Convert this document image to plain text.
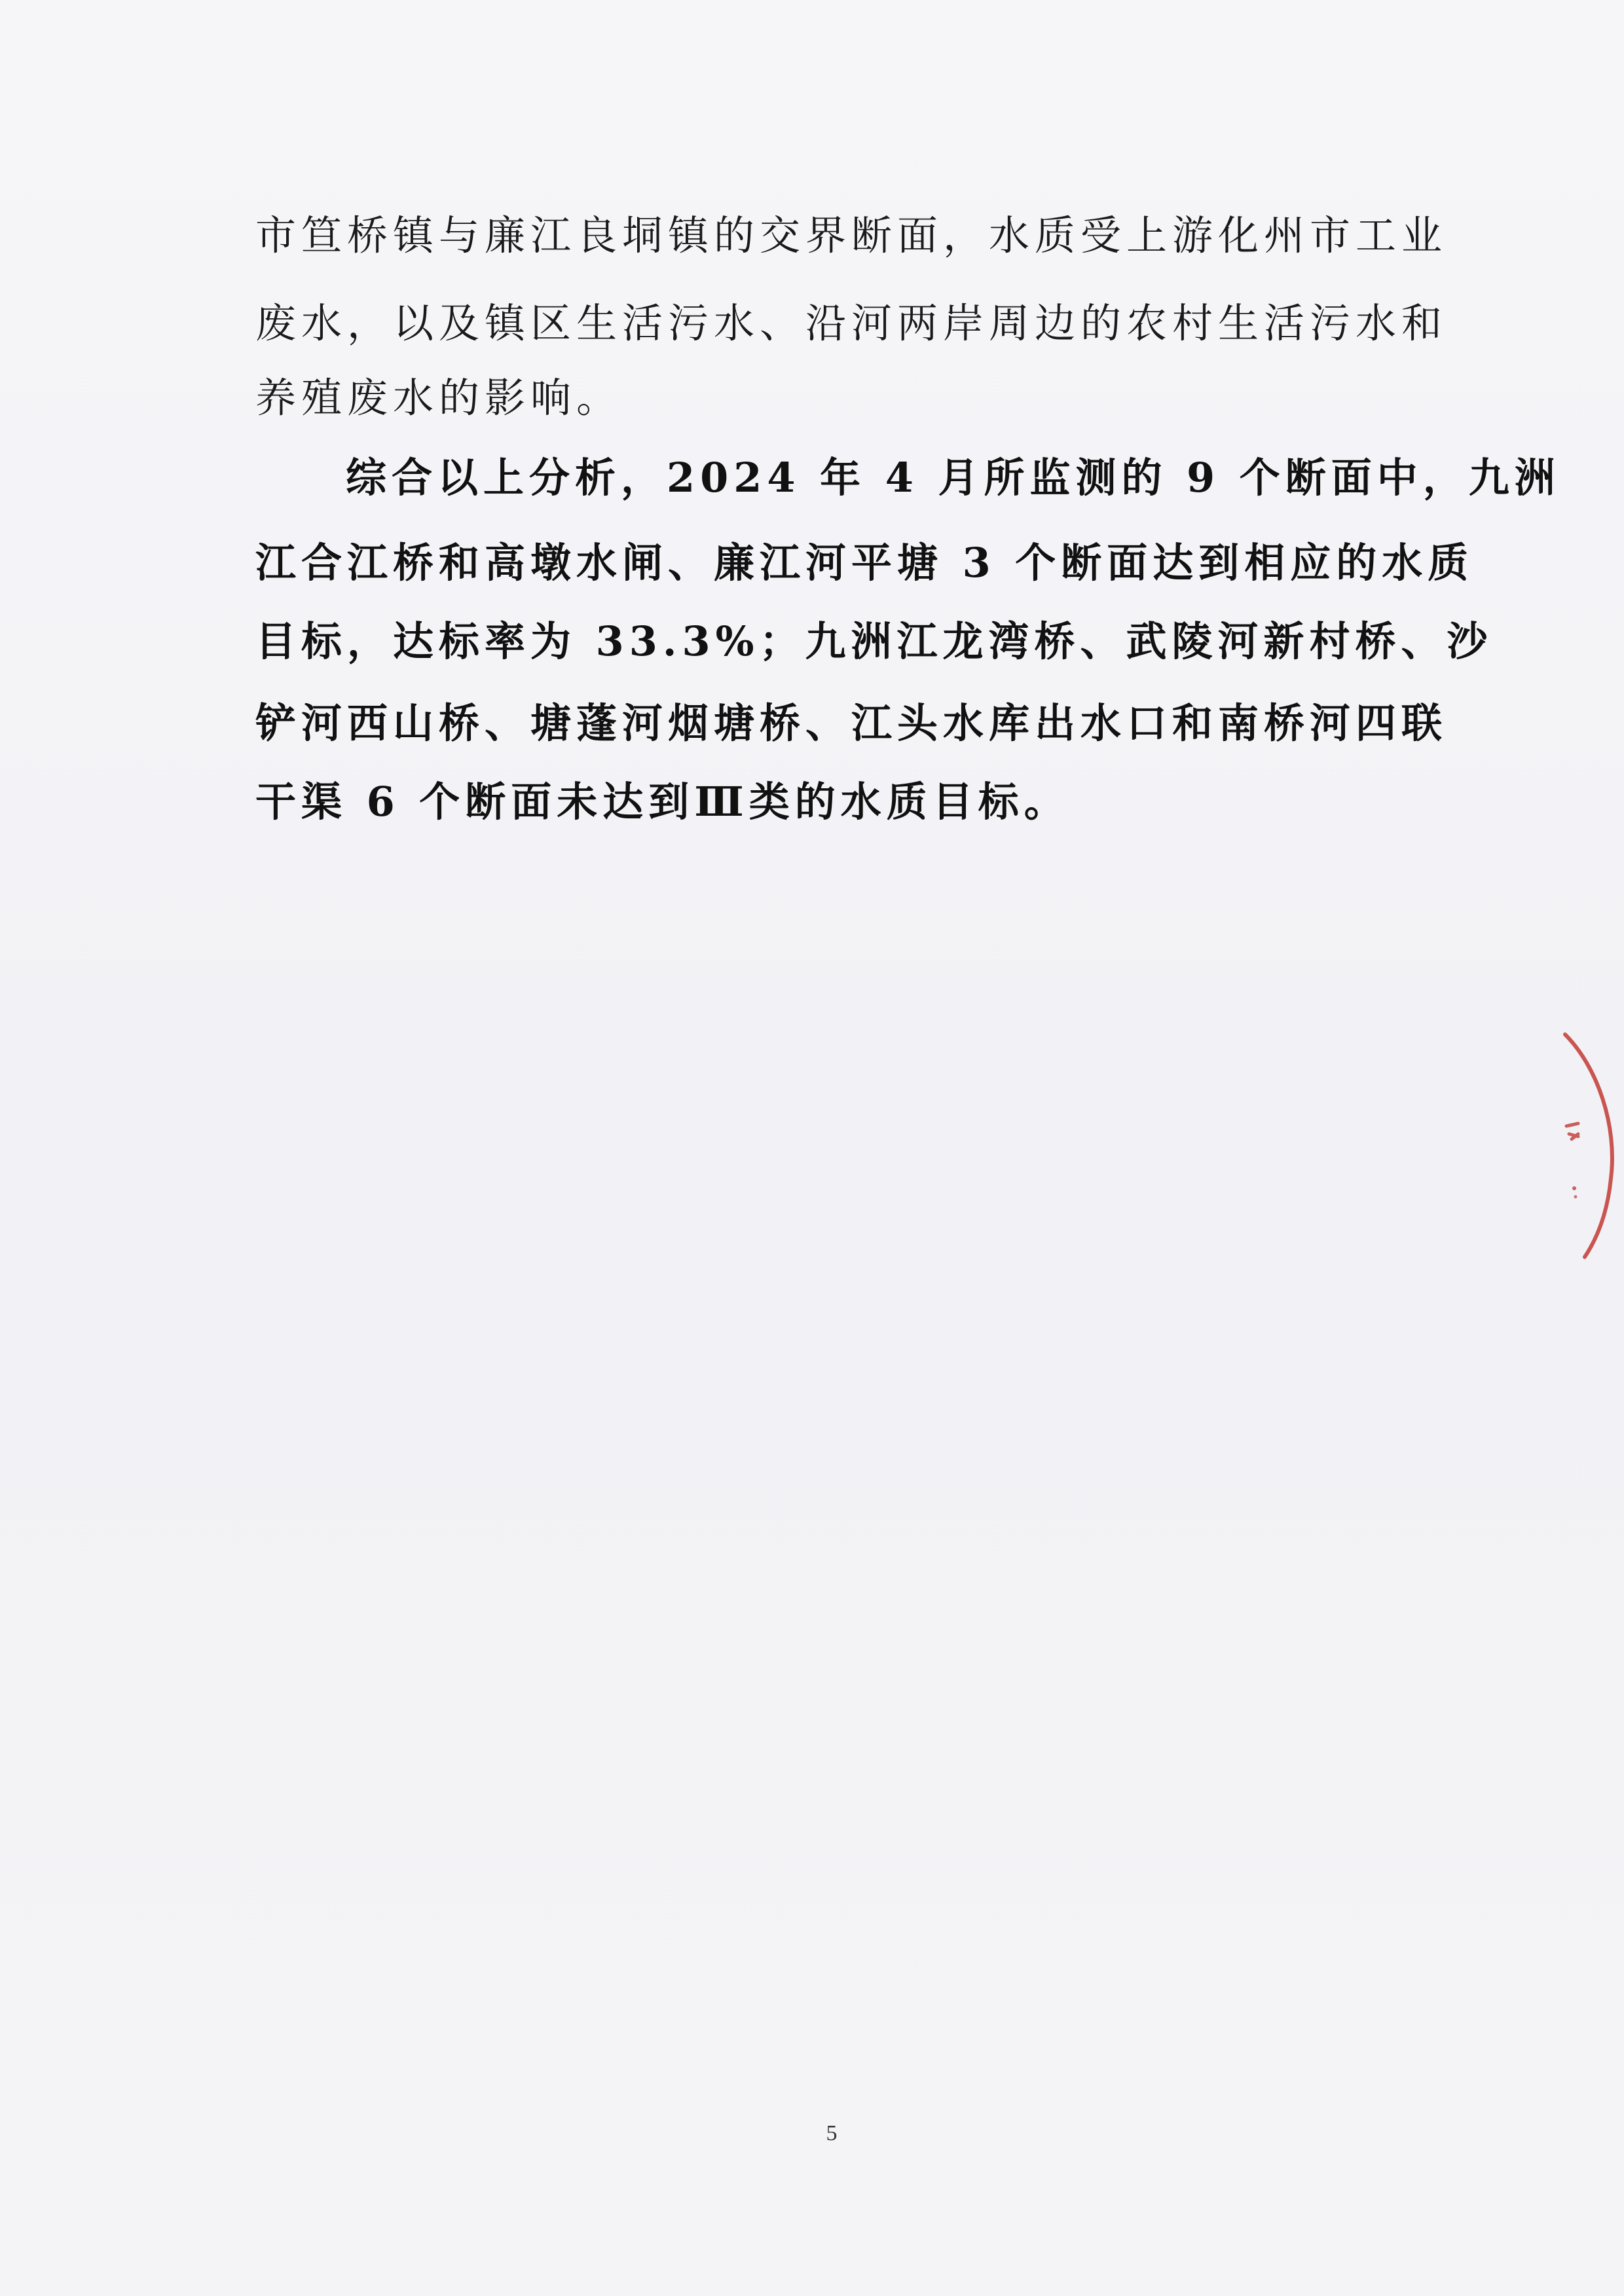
市笪桥镇与廉江良垌镇的交界断面，水质受上游化州市工业
废水，以及镇区生活污水、沿河两岸周边的农村生活污水和
养殖废水的影响。
综合以上分析，2024 年 4 月所监测的 9 个断面中，九洲
江合江桥和高墩水闸、廉江河平塘 3 个断面达到相应的水质
目标，达标率为 33.3%；九洲江龙湾桥、武陵河新村桥、沙
铲河西山桥、塘蓬河烟塘桥、江头水库出水口和南桥河四联
干渠 6 个断面未达到Ⅲ类的水质目标。
5
